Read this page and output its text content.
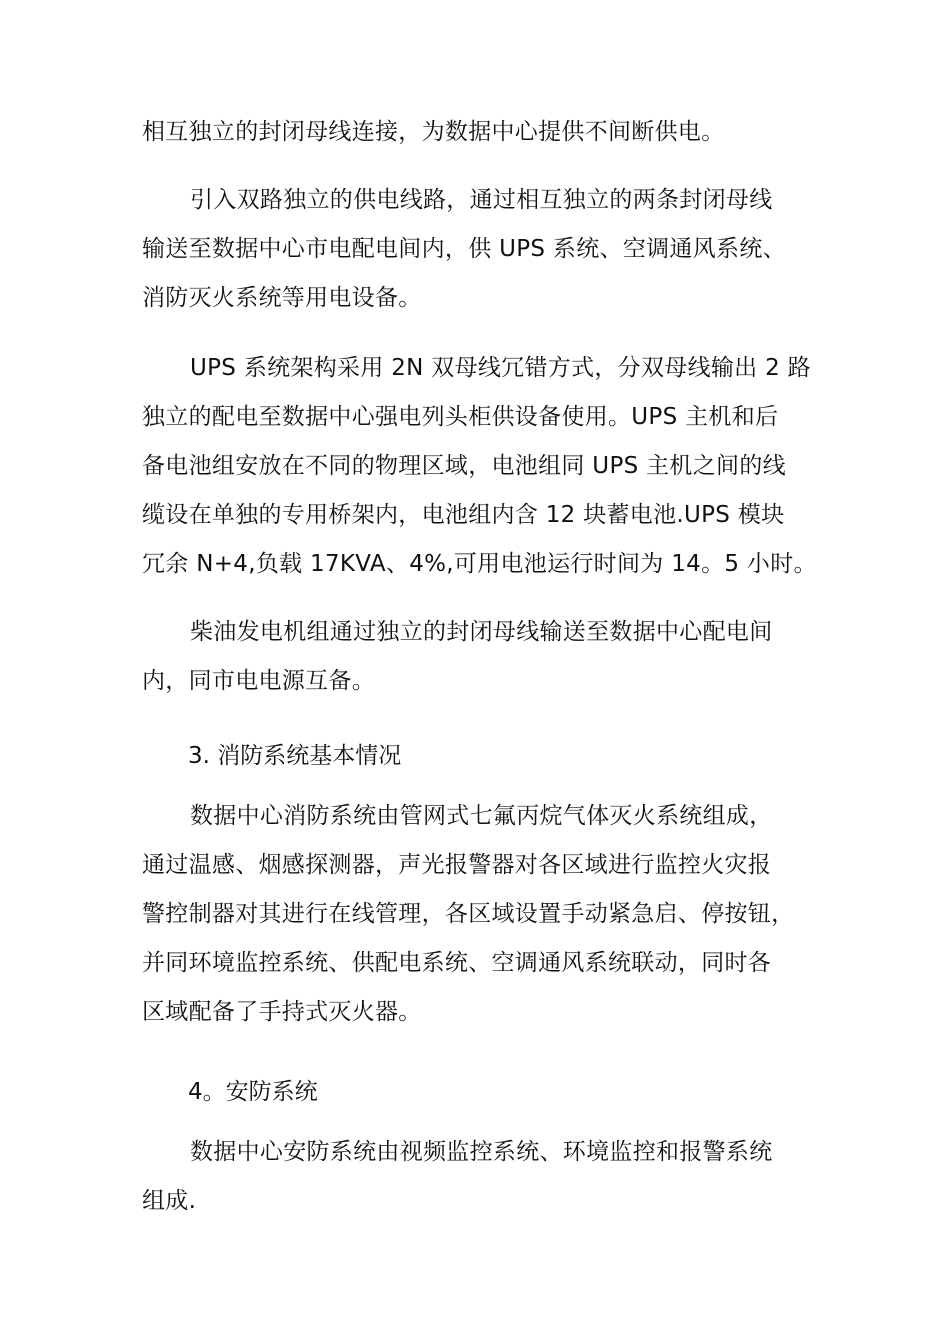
相互独立的封闭母线连接，为数据中心提供不间断供电。

引入双路独立的供电线路，通过相互独立的两条封闭母线
输送至数据中心市电配电间内，供 UPS 系统、空调通风系统、
消防灭火系统等用电设备。

UPS 系统架构采用 2N 双母线冗错方式，分双母线输出 2 路
独立的配电至数据中心强电列头柜供设备使用。UPS 主机和后
备电池组安放在不同的物理区域，电池组同 UPS 主机之间的线
缆设在单独的专用桥架内，电池组内含 12 块蓄电池.UPS 模块
冗余 N+4,负载 17KVA、4%,可用电池运行时间为 14。5 小时。

柴油发电机组通过独立的封闭母线输送至数据中心配电间
内，同市电电源互备。

3. 消防系统基本情况

数据中心消防系统由管网式七氟丙烷气体灭火系统组成，
通过温感、烟感探测器，声光报警器对各区域进行监控火灾报
警控制器对其进行在线管理，各区域设置手动紧急启、停按钮，
并同环境监控系统、供配电系统、空调通风系统联动，同时各
区域配备了手持式灭火器。

4。安防系统

数据中心安防系统由视频监控系统、环境监控和报警系统
组成.
